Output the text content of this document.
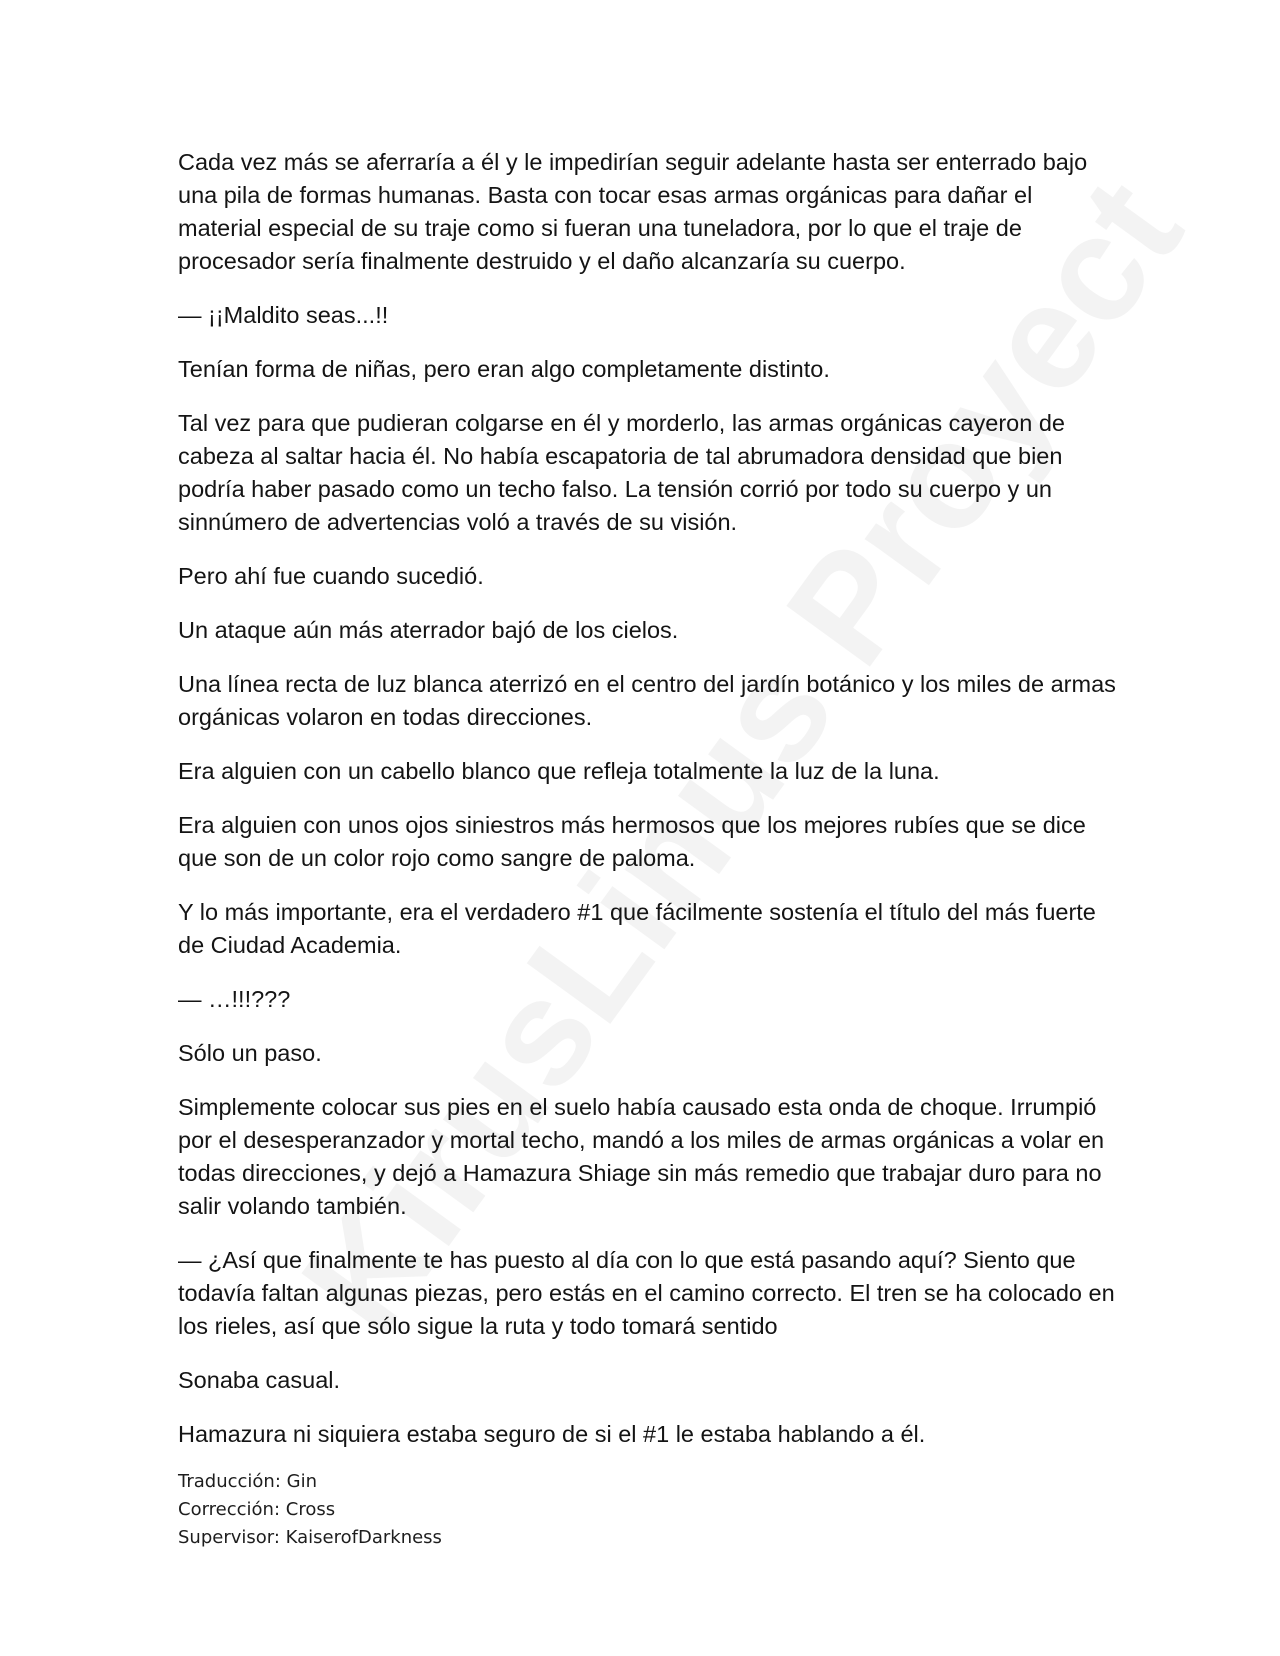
Cada vez más se aferraría a él y le impedirían seguir adelante hasta ser enterrado bajo una pila de formas humanas. Basta con tocar esas armas orgánicas para dañar el material especial de su traje como si fueran una tuneladora, por lo que el traje de procesador sería finalmente destruido y el daño alcanzaría su cuerpo.

— ¡¡Maldito seas...!!

Tenían forma de niñas, pero eran algo completamente distinto.

Tal vez para que pudieran colgarse en él y morderlo, las armas orgánicas cayeron de cabeza al saltar hacia él. No había escapatoria de tal abrumadora densidad que bien podría haber pasado como un techo falso. La tensión corrió por todo su cuerpo y un sinnúmero de advertencias voló a través de su visión.

Pero ahí fue cuando sucedió.

Un ataque aún más aterrador bajó de los cielos.

Una línea recta de luz blanca aterrizó en el centro del jardín botánico y los miles de armas orgánicas volaron en todas direcciones.

Era alguien con un cabello blanco que refleja totalmente la luz de la luna.

Era alguien con unos ojos siniestros más hermosos que los mejores rubíes que se dice que son de un color rojo como sangre de paloma.

Y lo más importante, era el verdadero #1 que fácilmente sostenía el título del más fuerte de Ciudad Academia.

— …!!!???

Sólo un paso.

Simplemente colocar sus pies en el suelo había causado esta onda de choque. Irrumpió por el desesperanzador y mortal techo, mandó a los miles de armas orgánicas a volar en todas direcciones, y dejó a Hamazura Shiage sin más remedio que trabajar duro para no salir volando también.

— ¿Así que finalmente te has puesto al día con lo que está pasando aquí? Siento que todavía faltan algunas piezas, pero estás en el camino correcto. El tren se ha colocado en los rieles, así que sólo sigue la ruta y todo tomará sentido

Sonaba casual.

Hamazura ni siquiera estaba seguro de si el #1 le estaba hablando a él.

Traducción: Gin
Corrección: Cross
Supervisor: KaiserofDarkness
